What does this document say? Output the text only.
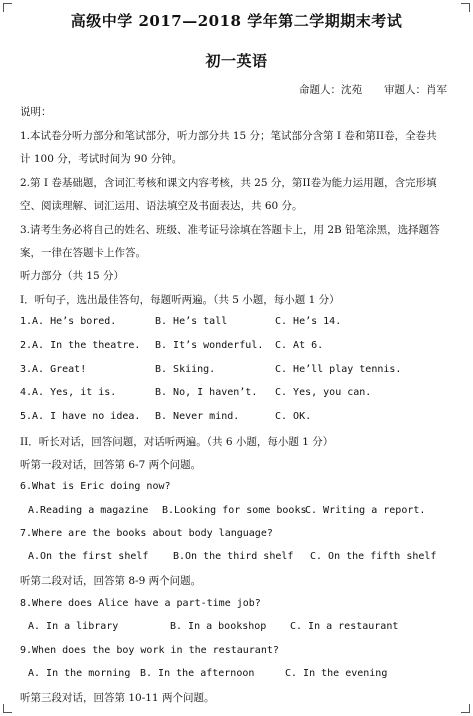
高级中学 2017—2018 学年第二学期期末考试
初一英语
命题人：沈苑 审题人：肖军
说明：
1.本试卷分听力部分和笔试部分，听力部分共 15 分；笔试部分含第 I 卷和第II卷，全卷共
计 100 分，考试时间为 90 分钟。
2.第 I 卷基础题，含词汇考核和课文内容考核，共 25 分，第II卷为能力运用题，含完形填
空、阅读理解、词汇运用、语法填空及书面表达，共 60 分。
3.请考生务必将自己的姓名、班级、准考证号涂填在答题卡上，用 2B 铅笔涂黑，选择题答
案，一律在答题卡上作答。
听力部分（共 15 分）
I．听句子，选出最佳答句，每题听两遍。（共 5 小题，每小题 1 分）
1.A. He’s bored.	B. He’s tall	C. He’s 14.
2.A. In the theatre. B. It’s wonderful. C. At 6.
3.A. Great!	B. Skiing.	C. He’ll play tennis.
4.A. Yes, it is.	B. No, I haven’t. C. Yes, you can.
5.A. I have no idea. B. Never mind.	C. OK.
II．听长对话，回答问题，对话听两遍。（共 6 小题，每小题 1 分）
听第一段对话，回答第 6-7 两个问题。
6.What is Eric doing now?
A.Reading a magazine B.Looking for some books
C. Writing a report.
7.Where are the books about body language?
A.On the first shelf B.On the third shelf C. On the fifth shelf
听第二段对话，回答第 8-9 两个问题。
8.Where does Alice have a part-time job?
A. In a library	B. In a bookshop C. In a restaurant
9.When does the boy work in the restaurant?
A. In the morning B. In the afternoon	C. In the evening
听第三段对话，回答第 10-11 两个问题。
